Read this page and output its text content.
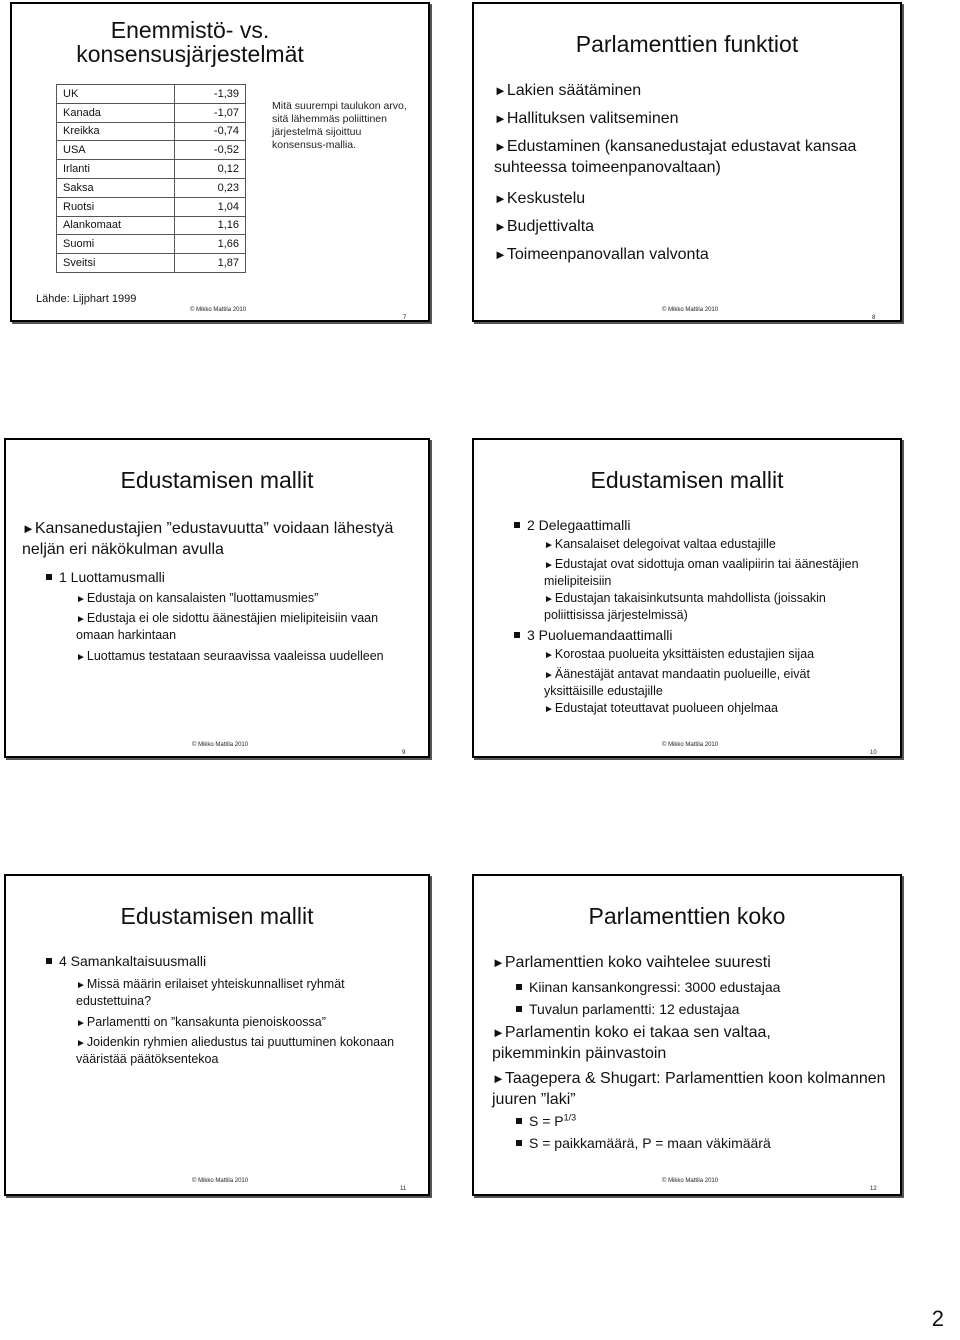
Enemmistö- vs.
konsensusjärjestelmät
UK	-1,39
Kanada	-1,07
Kreikka	-0,74
USA	-0,52
Irlanti	0,12
Saksa	0,23
Ruotsi	1,04
Alankomaat	1,16
Suomi	1,66
Sveitsi	1,87
Mitä suurempi taulukon arvo, sitä lähemmäs poliittinen järjestelmä sijoittuu konsensus-mallia.
Lähde: Lijphart 1999
© Mikko Mattila 2010
7
Parlamenttien funktiot
►Lakien säätäminen
►Hallituksen valitseminen
►Edustaminen (kansanedustajat edustavat kansaa suhteessa toimeenpanovaltaan)
►Keskustelu
►Budjettivalta
►Toimeenpanovallan valvonta
© Mikko Mattila 2010
8
Edustamisen mallit
►Kansanedustajien ”edustavuutta” voidaan lähestyä neljän eri näkökulman avulla
1 Luottamusmalli
►Edustaja on kansalaisten ”luottamusmies”
►Edustaja ei ole sidottu äänestäjien mielipiteisiin vaan omaan harkintaan
►Luottamus testataan seuraavissa vaaleissa uudelleen
© Mikko Mattila 2010
9
Edustamisen mallit
2 Delegaattimalli
►Kansalaiset delegoivat valtaa edustajille
►Edustajat ovat sidottuja oman vaalipiirin tai äänestäjien mielipiteisiin
►Edustajan takaisinkutsunta mahdollista (joissakin poliittisissa järjestelmissä)
3 Puoluemandaattimalli
►Korostaa puolueita yksittäisten edustajien sijaa
►Äänestäjät antavat mandaatin puolueille, eivät yksittäisille edustajille
►Edustajat toteuttavat puolueen ohjelmaa
© Mikko Mattila 2010
10
Edustamisen mallit
4 Samankaltaisuusmalli
►Missä määrin erilaiset yhteiskunnalliset ryhmät edustettuina?
►Parlamentti on ”kansakunta pienoiskoossa”
►Joidenkin ryhmien aliedustus tai puuttuminen kokonaan vääristää päätöksentekoa
© Mikko Mattila 2010
11
Parlamenttien koko
►Parlamenttien koko vaihtelee suuresti
Kiinan kansankongressi: 3000 edustajaa
Tuvalun parlamentti: 12 edustajaa
►Parlamentin koko ei takaa sen valtaa, pikemminkin päinvastoin
►Taagepera & Shugart: Parlamenttien koon kolmannen juuren ”laki”
$S = P^{1/3}$
S = paikkamäärä, P = maan väkimäärä
© Mikko Mattila 2010
12
2
